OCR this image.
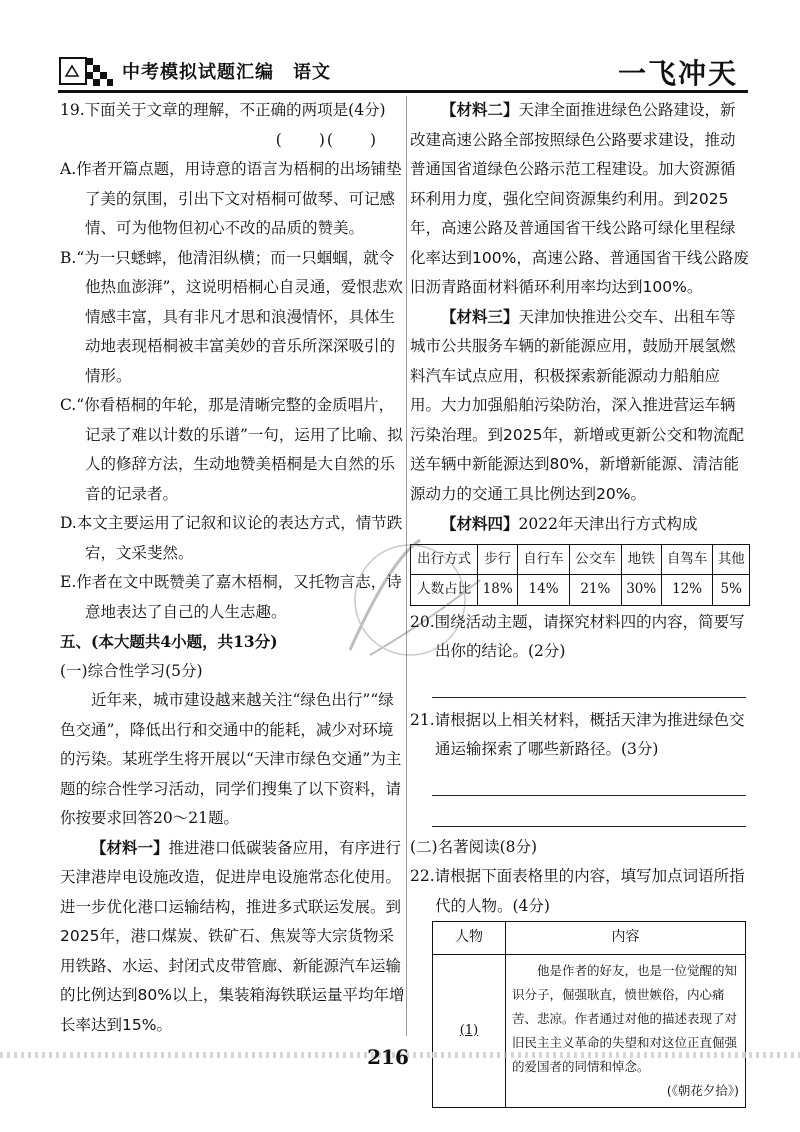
中考模拟试题汇编　语文	一飞冲天

19.下面关于文章的理解，不正确的两项是(4分)

(　　)(　　)

A.作者开篇点题，用诗意的语言为梧桐的出场铺垫了美的氛围，引出下文对梧桐可做琴、可记感情、可为他物但初心不改的品质的赞美。

B.“为一只蟋蟀，他清泪纵横；而一只蝈蝈，就令他热血澎湃”，这说明梧桐心自灵通，爱恨悲欢情感丰富，具有非凡才思和浪漫情怀，具体生动地表现梧桐被丰富美妙的音乐所深深吸引的情形。

C.“你看梧桐的年轮，那是清晰完整的金质唱片，记录了难以计数的乐谱”一句，运用了比喻、拟人的修辞方法，生动地赞美梧桐是大自然的乐音的记录者。

D.本文主要运用了记叙和议论的表达方式，情节跌宕，文采斐然。

E.作者在文中既赞美了嘉木梧桐，又托物言志，诗意地表达了自己的人生志趣。

五、(本大题共4小题，共13分)

(一)综合性学习(5分)

近年来，城市建设越来越关注“绿色出行”“绿色交通”，降低出行和交通中的能耗，减少对环境的污染。某班学生将开展以“天津市绿色交通”为主题的综合性学习活动，同学们搜集了以下资料，请你按要求回答20～21题。

【材料一】推进港口低碳装备应用，有序进行天津港岸电设施改造，促进岸电设施常态化使用。进一步优化港口运输结构，推进多式联运发展。到2025年，港口煤炭、铁矿石、焦炭等大宗货物采用铁路、水运、封闭式皮带管廊、新能源汽车运输的比例达到80%以上，集装箱海铁联运量平均年增长率达到15%。

【材料二】天津全面推进绿色公路建设，新改建高速公路全部按照绿色公路要求建设，推动普通国省道绿色公路示范工程建设。加大资源循环利用力度，强化空间资源集约利用。到2025年，高速公路及普通国省干线公路可绿化里程绿化率达到100%，高速公路、普通国省干线公路废旧沥青路面材料循环利用率均达到100%。

【材料三】天津加快推进公交车、出租车等城市公共服务车辆的新能源应用，鼓励开展氢燃料汽车试点应用，积极探索新能源动力船舶应用。大力加强船舶污染防治，深入推进营运车辆污染治理。到2025年，新增或更新公交和物流配送车辆中新能源达到80%，新增新能源、清洁能源动力的交通工具比例达到20%。

【材料四】2022年天津出行方式构成

出行方式	步行	自行车	公交车	地铁	自驾车	其他
人数占比	18%	14%	21%	30%	12%	5%

20.围绕活动主题，请探究材料四的内容，简要写出你的结论。(2分)

21.请根据以上相关材料，概括天津为推进绿色交通运输探索了哪些新路径。(3分)

(二)名著阅读(8分)

22.请根据下面表格里的内容，填写加点词语所指代的人物。(4分)

人物	内容
(1)	他是作者的好友，也是一位觉醒的知识分子，倔强耿直，愤世嫉俗，内心痛苦、悲凉。作者通过对他的描述表现了对旧民主主义革命的失望和对这位正直倔强的爱国者的同情和悼念。
(《朝花夕拾》)
216
